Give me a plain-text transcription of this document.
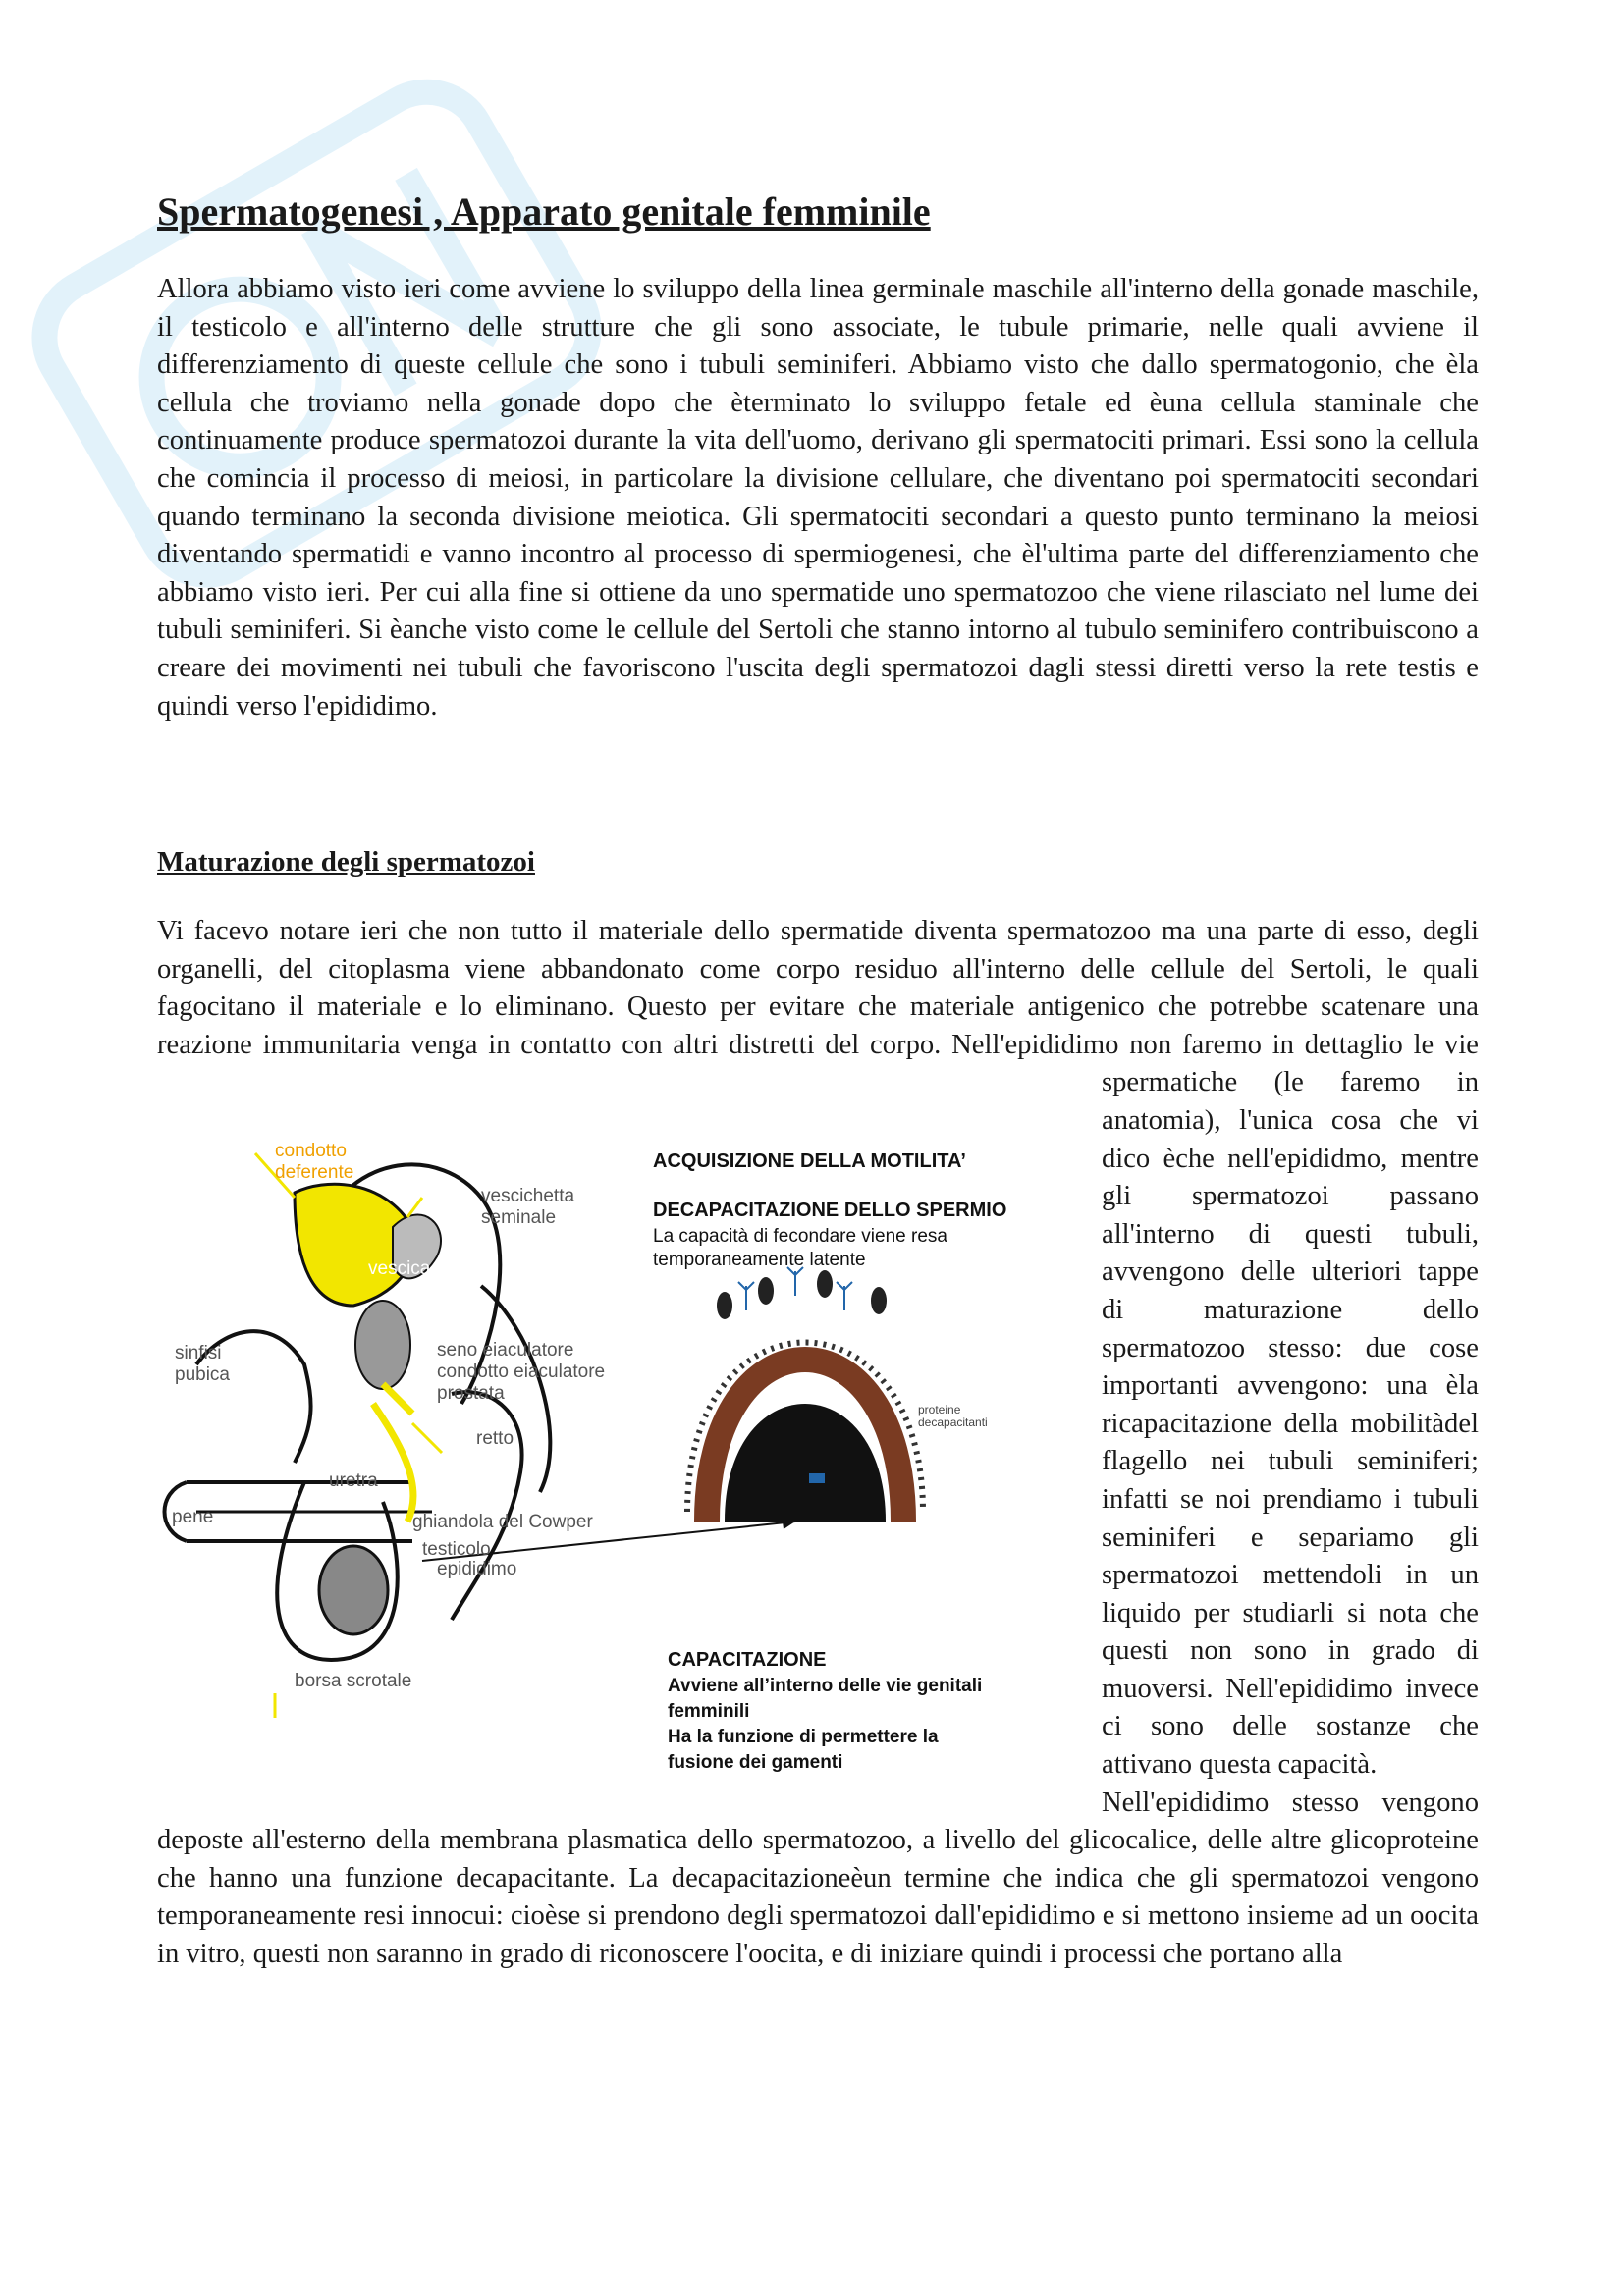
Spermatogenesi , Apparato genitale femminile

Allora abbiamo visto ieri come avviene lo sviluppo della linea germinale maschile all'interno della gonade maschile, il testicolo e all'interno delle strutture che gli sono associate, le tubule primarie, nelle quali avviene il differenziamento di queste cellule che sono i tubuli seminiferi. Abbiamo visto che dallo spermatogonio, che èla cellula che troviamo nella gonade dopo che èterminato lo sviluppo fetale ed èuna cellula staminale che continuamente produce spermatozoi durante la vita dell'uomo, derivano gli spermatociti primari. Essi sono la cellula che comincia il processo di meiosi, in particolare la divisione cellulare, che diventano poi spermatociti secondari quando terminano la seconda divisione meiotica. Gli spermatociti secondari a questo punto terminano la meiosi diventando spermatidi e vanno incontro al processo di spermiogenesi, che èl'ultima parte del differenziamento che abbiamo visto ieri. Per cui alla fine si ottiene da uno spermatide uno spermatozoo che viene rilasciato nel lume dei tubuli seminiferi. Si èanche visto come le cellule del Sertoli che stanno intorno al tubulo seminifero contribuiscono a creare dei movimenti nei tubuli che favoriscono l'uscita degli spermatozoi dagli stessi diretti verso la rete testis e quindi verso l'epididimo.

Maturazione degli spermatozoi
Vi facevo notare ieri che non tutto il materiale dello spermatide diventa spermatozoo ma una parte di esso, degli organelli, del citoplasma viene abbandonato come corpo residuo all'interno delle cellule del Sertoli, le quali fagocitano il materiale e lo eliminano. Questo per evitare che materiale antigenico che potrebbe scatenare una reazione immunitaria venga in contatto con altri distretti del corpo. Nell'epididimo non faremo in dettaglio le vie spermatiche (le faremo in anatomia), l'unica cosa che vi dico èche nell'epididmo, mentre gli spermatozoi passano all'interno di questi tubuli, avvengono delle ulteriori tappe di maturazione dello spermatozoo stesso: due cose importanti avvengono: una èla ricapacitazione della mobilitàdel flagello nei tubuli seminiferi; infatti se noi prendiamo i tubuli seminiferi e separiamo gli spermatozoi mettendoli in un liquido per studiarli si nota che questi non sono in grado di muoversi. Nell'epididimo invece ci sono delle sostanze che attivano questa capacità.
Nell'epididimo stesso vengono deposte all'esterno della membrana plasmatica dello spermatozoo, a livello del glicocalice, delle altre glicoproteine che hanno una funzione decapacitante. La decapacitazioneèun termine che indica che gli spermatozoi vengono temporaneamente resi innocui: cioèse si prendono degli spermatozoi dall'epididimo e si mettono insieme ad un oocita in vitro, questi non saranno in grado di riconoscere l'oocita, e di iniziare quindi i processi che portano alla
condotto
deferente
vescichetta
seminale
vescica
sinfisi
pubica
seno eiaculatore
condotto eiaculatore
prostata
retto
uretra
pene	ghiandola del Cowper
testicolo
epididimo
borsa scrotale
proteine
decapacitanti
ACQUISIZIONE DELLA MOTILITA’
DECAPACITAZIONE DELLO SPERMIO
La capacità di fecondare viene resa
temporaneamente latente
CAPACITAZIONE
Avviene all’interno delle vie genitali
femminili
Ha la funzione di permettere la
fusione dei gamenti
